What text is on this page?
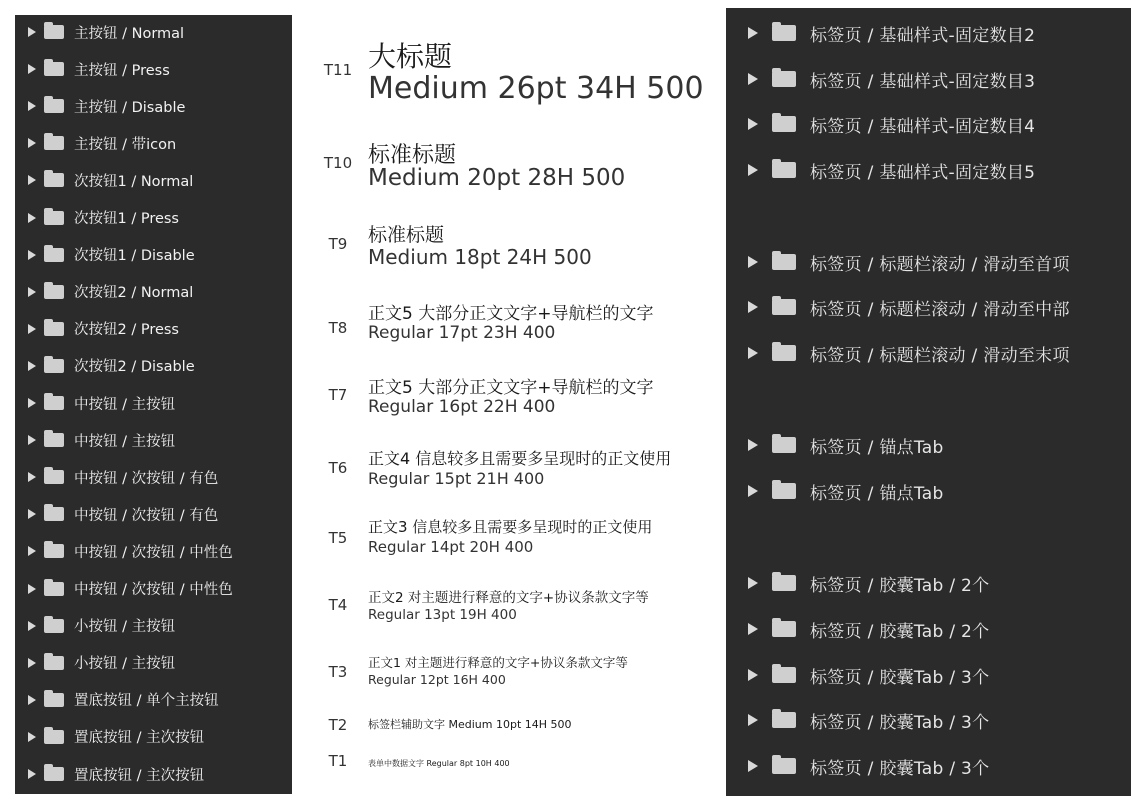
主按钮 / Normal
主按钮 / Press
主按钮 / Disable
主按钮 / 带icon
次按钮1 / Normal
次按钮1 / Press
次按钮1 / Disable
次按钮2 / Normal
次按钮2 / Press
次按钮2 / Disable
中按钮 / 主按钮
中按钮 / 主按钮
中按钮 / 次按钮 / 有色
中按钮 / 次按钮 / 有色
中按钮 / 次按钮 / 中性色
中按钮 / 次按钮 / 中性色
小按钮 / 主按钮
小按钮 / 主按钮
置底按钮 / 单个主按钮
置底按钮 / 主次按钮
置底按钮 / 主次按钮
T11 大标题
Medium 26pt 34H 500
T10 标准标题
Medium 20pt 28H 500
T9	标准标题
Medium 18pt 24H 500
T8
正文5 大部分正文文字+导航栏的文字
Regular 17pt 23H 400
T7	正文5 大部分正文文字+导航栏的文字
Regular 16pt 22H 400
T6	正文4 信息较多且需要多呈现时的正文使用
Regular 15pt 21H 400
T5
正文3 信息较多且需要多呈现时的正文使用
Regular 14pt 20H 400
T4	正文2 对主题进行释意的文字+协议条款文字等
Regular 13pt 19H 400
T3
正文1 对主题进行释意的文字+协议条款文字等
Regular 12pt 16H 400
T2	标签栏辅助文字 Medium 10pt 14H 500
T1	表单中数据文字 Regular 8pt 10H 400
标签页 / 基础样式-固定数目2
标签页 / 基础样式-固定数目3
标签页 / 基础样式-固定数目4
标签页 / 基础样式-固定数目5
标签页 / 标题栏滚动 / 滑动至首项
标签页 / 标题栏滚动 / 滑动至中部
标签页 / 标题栏滚动 / 滑动至末项
标签页 / 锚点Tab
标签页 / 锚点Tab
标签页 / 胶囊Tab / 2个
标签页 / 胶囊Tab / 2个
标签页 / 胶囊Tab / 3个
标签页 / 胶囊Tab / 3个
标签页 / 胶囊Tab / 3个
